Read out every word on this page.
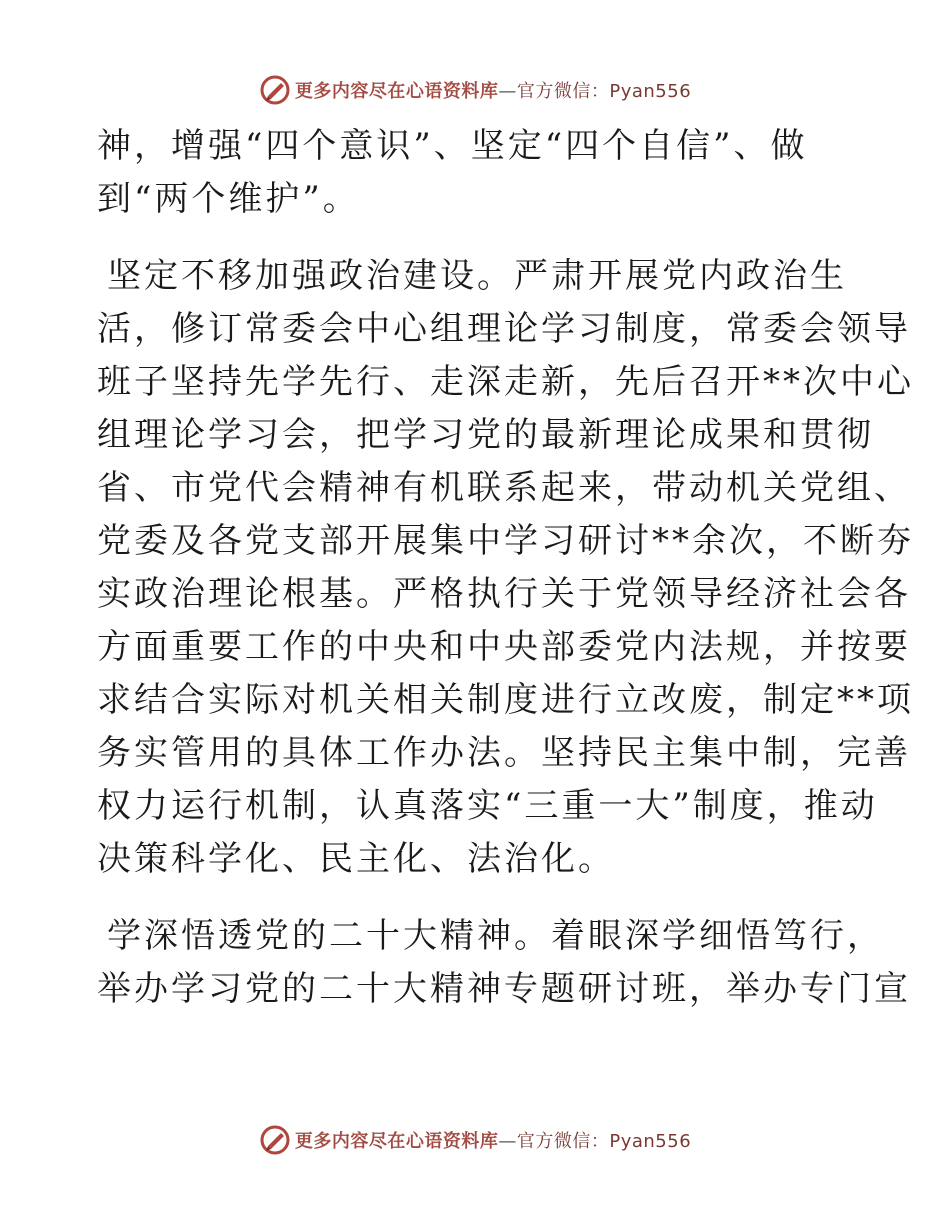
更多内容尽在心语资料库—官方微信：Pyan556
神，增强“四个意识”、坚定“四个自信”、做
到“两个维护”。
坚定不移加强政治建设。严肃开展党内政治生
活，修订常委会中心组理论学习制度，常委会领导
班子坚持先学先行、走深走新，先后召开**次中心
组理论学习会，把学习党的最新理论成果和贯彻
省、市党代会精神有机联系起来，带动机关党组、
党委及各党支部开展集中学习研讨**余次，不断夯
实政治理论根基。严格执行关于党领导经济社会各
方面重要工作的中央和中央部委党内法规，并按要
求结合实际对机关相关制度进行立改废，制定**项
务实管用的具体工作办法。坚持民主集中制，完善
权力运行机制，认真落实“三重一大”制度，推动
决策科学化、民主化、法治化。
学深悟透党的二十大精神。着眼深学细悟笃行，
举办学习党的二十大精神专题研讨班，举办专门宣
更多内容尽在心语资料库—官方微信：Pyan556
